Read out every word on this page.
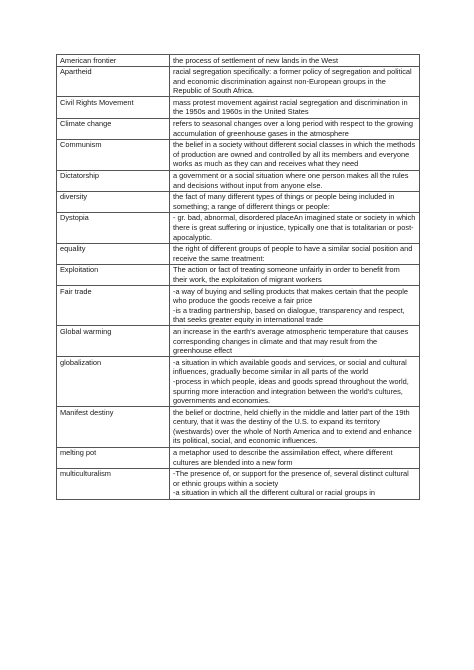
American frontier	the process of settlement of new lands in the West

Apartheid	racial segregation specifically: a former policy of segregation and political and economic discrimination against non-European groups in the Republic of South Africa.

Civil Rights Movement	mass protest movement against racial segregation and discrimination in the 1950s and 1960s in the United States

Climate change	refers to seasonal changes over a long period with respect to the growing accumulation of greenhouse gases in the atmosphere

Communism	the belief in a society without different social classes in which the methods of production are owned and controlled by all its members and everyone works as much as they can and receives what they need

Dictatorship	a government or a social situation where one person makes all the rules and decisions without input from anyone else.

diversity	the fact of many different types of things or people being included in something; a range of different things or people:

Dystopia	- gr. bad, abnormal, disordered placeAn imagined state or society in which there is great suffering or injustice, typically one that is totalitarian or post-apocalyptic.

equality	the right of different groups of people to have a similar social position and receive the same treatment:

Exploitation	The action or fact of treating someone unfairly in order to benefit from their work, the exploitation of migrant workers

Fair trade	-a way of buying and selling products that makes certain that the people who produce the goods receive a fair price

-is a trading partnership, based on dialogue, transparency and respect, that seeks greater equity in international trade

Global warming	an increase in the earth's average atmospheric temperature that causes corresponding changes in climate and that may result from the greenhouse effect

globalization	-a situation in which available goods and services, or social and cultural influences, gradually become similar in all parts of the world

-process in which people, ideas and goods spread throughout the world, spurring more interaction and integration between the world's cultures, governments and economies.

Manifest destiny	the belief or doctrine, held chiefly in the middle and latter part of the 19th century, that it was the destiny of the U.S. to expand its territory (westwards) over the whole of North America and to extend and enhance its political, social, and economic influences.

melting pot	a metaphor used to describe the assimilation effect, where different cultures are blended into a new form

multiculturalism	-The presence of, or support for the presence of, several distinct cultural or ethnic groups within a society

-a situation in which all the different cultural or racial groups in
